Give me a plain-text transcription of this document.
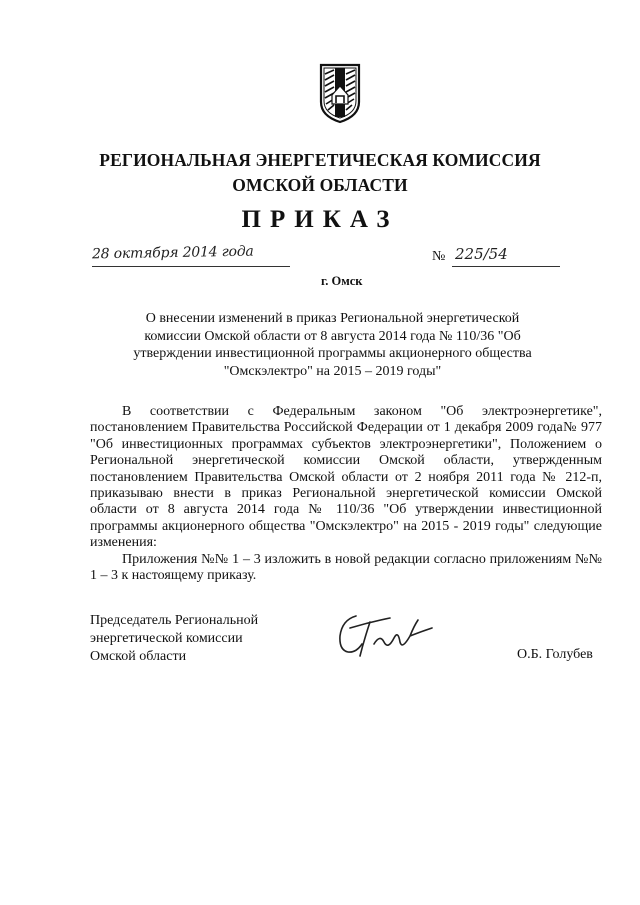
РЕГИОНАЛЬНАЯ ЭНЕРГЕТИЧЕСКАЯ КОМИССИЯ
ОМСКОЙ ОБЛАСТИ
ПРИКАЗ
28 октября 2014 года	№ 225/54
г. Омск
О внесении изменений в приказ Региональной энергетической
комиссии Омской области от 8 августа 2014 года № 110/36 "Об
утверждении инвестиционной программы акционерного общества
"Омскэлектро" на 2015 – 2019 годы"

В соответствии с Федеральным законом "Об электроэнергетике", постановлением Правительства Российской Федерации от 1 декабря 2009 года№ 977 "Об инвестиционных программах субъектов электроэнергетики", Положением о Региональной энергетической комиссии Омской области, утвержденным постановлением Правительства Омской области от 2 ноября 2011 года № 212-п, приказываю внести в приказ Региональной энергетической комиссии Омской области от 8 августа 2014 года № 110/36 "Об утверждении инвестиционной программы акционерного общества "Омскэлектро" на 2015 - 2019 годы" следующие изменения:

Приложения №№ 1 – 3 изложить в новой редакции согласно приложениям №№ 1 – 3 к настоящему приказу.

Председатель Региональной
энергетической комиссии
Омской области	О.Б. Голубев
